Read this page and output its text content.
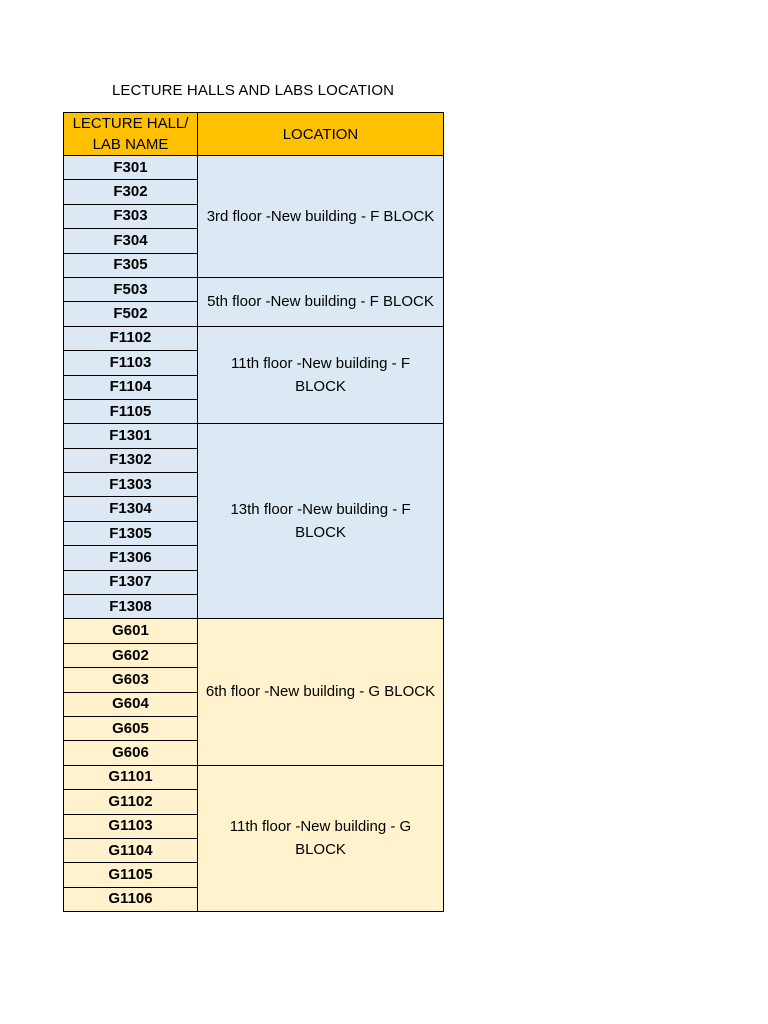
LECTURE HALLS AND LABS LOCATION
LECTURE HALL/ LAB NAME	LOCATION
F301	3rd floor -New building - F BLOCK
F302	
F303	
F304	
F305	
F503	5th floor -New building - F BLOCK
F502	
F1102	11th floor -New building - F BLOCK
F1103	
F1104	
F1105	
F1301	13th floor -New building - F BLOCK
F1302	
F1303	
F1304	
F1305	
F1306	
F1307	
F1308	
G601	6th floor -New building - G BLOCK
G602	
G603	
G604	
G605	
G606	
G1101	11th floor -New building - G BLOCK
G1102	
G1103	
G1104	
G1105	
G1106	
